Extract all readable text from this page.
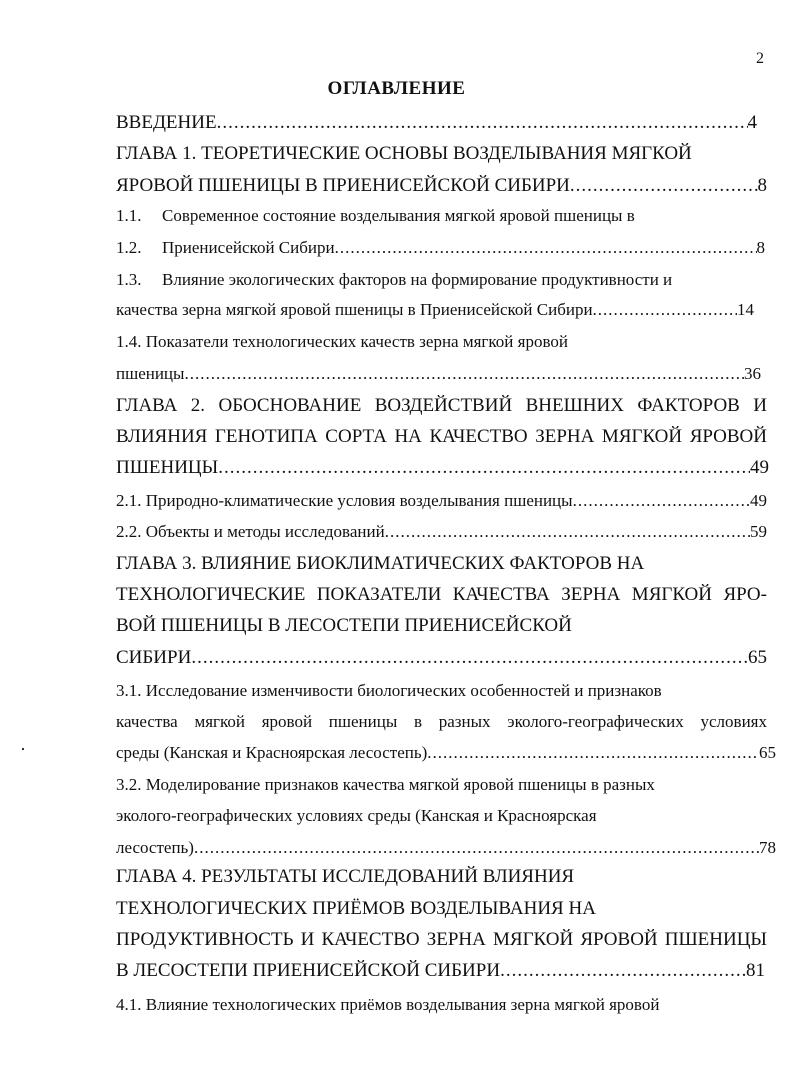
2
ОГЛАВЛЕНИЕ
ВВЕДЕНИЕ .....	4
ГЛАВА 1. ТЕОРЕТИЧЕСКИЕ ОСНОВЫ ВОЗДЕЛЫВАНИЯ МЯГКОЙ
ЯРОВОЙ ПШЕНИЦЫ В ПРИЕНИСЕЙСКОЙ СИБИРИ .....	8
1.1. Современное состояние возделывания мягкой яровой пшеницы в
1.2. Приенисейской Сибири .....	8
1.3. Влияние экологических факторов на формирование продуктивности и
качества зерна мягкой яровой пшеницы в Приенисейской Сибири .....	14
1.4. Показатели технологических качеств зерна мягкой яровой
пшеницы .....	36
ГЛАВА 2. ОБОСНОВАНИЕ ВОЗДЕЙСТВИЙ ВНЕШНИХ ФАКТОРОВ И
ВЛИЯНИЯ ГЕНОТИПА СОРТА НА КАЧЕСТВО ЗЕРНА МЯГКОЙ ЯРОВОЙ
ПШЕНИЦЫ .....	49
2.1. Природно-климатические условия возделывания пшеницы .....	49
2.2. Объекты и методы исследований .....	59
ГЛАВА 3. ВЛИЯНИЕ БИОКЛИМАТИЧЕСКИХ ФАКТОРОВ НА
ТЕХНОЛОГИЧЕСКИЕ ПОКАЗАТЕЛИ КАЧЕСТВА ЗЕРНА МЯГКОЙ ЯРО-
ВОЙ ПШЕНИЦЫ В ЛЕСОСТЕПИ ПРИЕНИСЕЙСКОЙ
СИБИРИ .....	65
3.1. Исследование изменчивости биологических особенностей и признаков
качества мягкой яровой пшеницы в разных эколого-географических условиях
среды (Канская и Красноярская лесостепь) .....	65
3.2. Моделирование признаков качества мягкой яровой пшеницы в разных
эколого-географических условиях среды (Канская и Красноярская
лесостепь) .....	78
ГЛАВА 4. РЕЗУЛЬТАТЫ ИССЛЕДОВАНИЙ ВЛИЯНИЯ
ТЕХНОЛОГИЧЕСКИХ ПРИЁМОВ ВОЗДЕЛЫВАНИЯ НА
ПРОДУКТИВНОСТЬ И КАЧЕСТВО ЗЕРНА МЯГКОЙ ЯРОВОЙ ПШЕНИЦЫ
В ЛЕСОСТЕПИ ПРИЕНИСЕЙСКОЙ СИБИРИ .....	81
4.1. Влияние технологических приёмов возделывания зерна мягкой яровой
